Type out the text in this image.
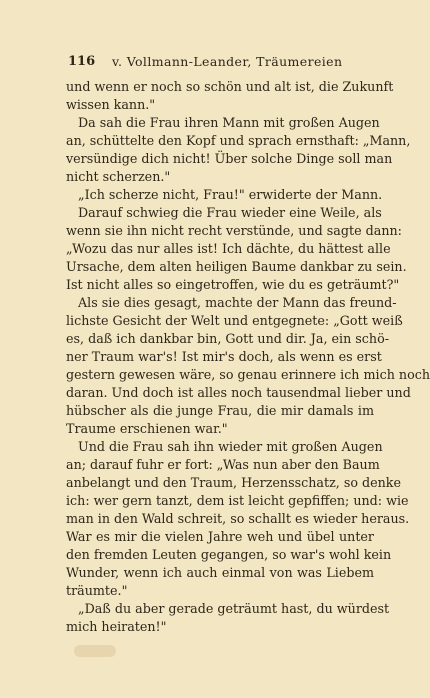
116 v. Vollmann-Leander, Träumereien
und wenn er noch so schön und alt ist, die Zukunft
wissen kann."
Da sah die Frau ihren Mann mit großen Augen
an, schüttelte den Kopf und sprach ernsthaft: „Mann,
versündige dich nicht! Über solche Dinge soll man
nicht scherzen."
„Ich scherze nicht, Frau!" erwiderte der Mann.
Darauf schwieg die Frau wieder eine Weile, als
wenn sie ihn nicht recht verstünde, und sagte dann:
„Wozu das nur alles ist! Ich dächte, du hättest alle
Ursache, dem alten heiligen Baume dankbar zu sein.
Ist nicht alles so eingetroffen, wie du es geträumt?"
Als sie dies gesagt, machte der Mann das freund-
lichste Gesicht der Welt und entgegnete: „Gott weiß
es, daß ich dankbar bin, Gott und dir. Ja, ein schö-
ner Traum war's! Ist mir's doch, als wenn es erst
gestern gewesen wäre, so genau erinnere ich mich noch
daran. Und doch ist alles noch tausendmal lieber und
hübscher als die junge Frau, die mir damals im
Traume erschienen war."
Und die Frau sah ihn wieder mit großen Augen
an; darauf fuhr er fort: „Was nun aber den Baum
anbelangt und den Traum, Herzensschatz, so denke
ich: wer gern tanzt, dem ist leicht gepfiffen; und: wie
man in den Wald schreit, so schallt es wieder heraus.
War es mir die vielen Jahre weh und übel unter
den fremden Leuten gegangen, so war's wohl kein
Wunder, wenn ich auch einmal von was Liebem
träumte."
„Daß du aber gerade geträumt hast, du würdest
mich heiraten!"
